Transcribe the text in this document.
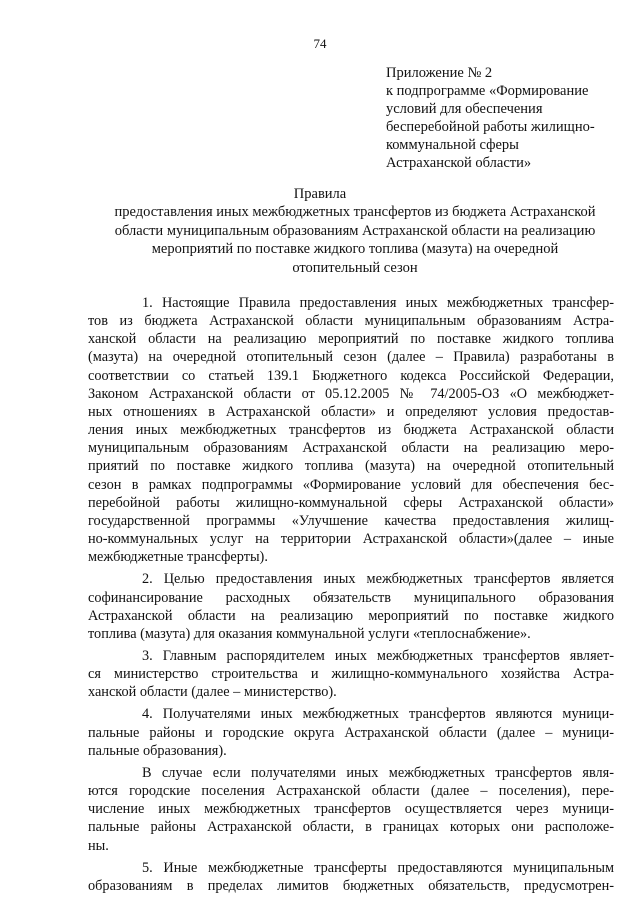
74
Приложение № 2
к подпрограмме «Формирование
условий для обеспечения
бесперебойной работы жилищно-
коммунальной сферы
Астраханской области»
Правила
предоставления иных межбюджетных трансфертов из бюджета Астраханской
области муниципальным образованиям Астраханской области на реализацию
мероприятий по поставке жидкого топлива (мазута) на очередной
отопительный сезон
1. Настоящие Правила предоставления иных межбюджетных трансфер-
тов из бюджета Астраханской области муниципальным образованиям Астра-
ханской области на реализацию мероприятий по поставке жидкого топлива
(мазута) на очередной отопительный сезон (далее – Правила) разработаны в
соответствии со статьей 139.1 Бюджетного кодекса Российской Федерации,
Законом Астраханской области от 05.12.2005 № 74/2005-ОЗ «О межбюджет-
ных отношениях в Астраханской области» и определяют условия предостав-
ления иных межбюджетных трансфертов из бюджета Астраханской области
муниципальным образованиям Астраханской области на реализацию меро-
приятий по поставке жидкого топлива (мазута) на очередной отопительный
сезон в рамках подпрограммы «Формирование условий для обеспечения бес-
перебойной работы жилищно-коммунальной сферы Астраханской области»
государственной программы «Улучшение качества предоставления жилищ-
но-коммунальных услуг на территории Астраханской области»(далее – иные
межбюджетные трансферты).
2. Целью предоставления иных межбюджетных трансфертов является
софинансирование расходных обязательств муниципального образования
Астраханской области на реализацию мероприятий по поставке жидкого
топлива (мазута) для оказания коммунальной услуги «теплоснабжение».
3. Главным распорядителем иных межбюджетных трансфертов являет-
ся министерство строительства и жилищно-коммунального хозяйства Астра-
ханской области (далее – министерство).
4. Получателями иных межбюджетных трансфертов являются муници-
пальные районы и городские округа Астраханской области (далее – муници-
пальные образования).
В случае если получателями иных межбюджетных трансфертов явля-
ются городские поселения Астраханской области (далее – поселения), пере-
числение иных межбюджетных трансфертов осуществляется через муници-
пальные районы Астраханской области, в границах которых они расположе-
ны.
5. Иные межбюджетные трансферты предоставляются муниципальным
образованиям в пределах лимитов бюджетных обязательств, предусмотрен-
